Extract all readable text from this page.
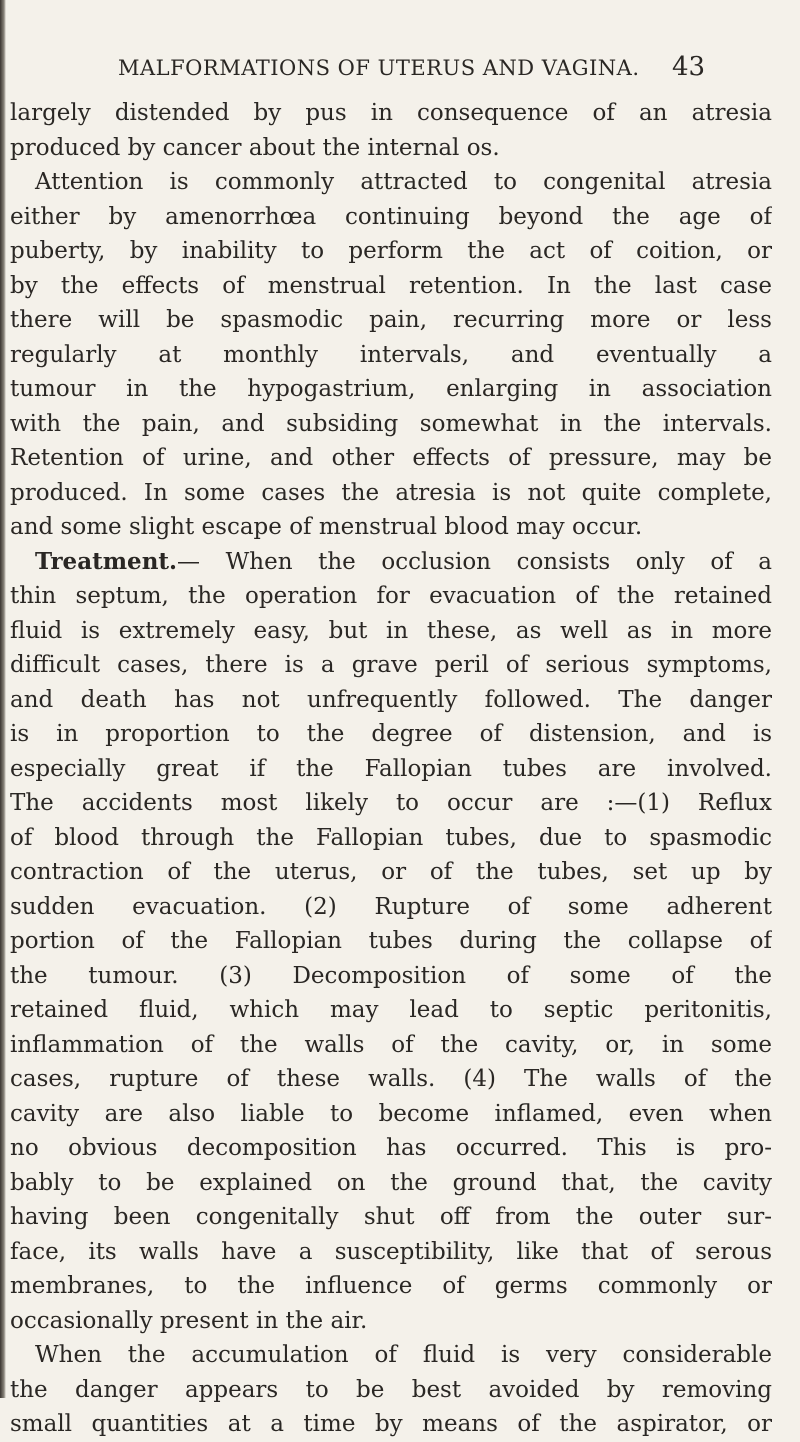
MALFORMATIONS OF UTERUS AND VAGINA. 43
largely distended by pus in consequence of an atresia
produced by cancer about the internal os.
Attention is commonly attracted to congenital atresia
either by amenorrhœa continuing beyond the age of
puberty, by inability to perform the act of coition, or
by the effects of menstrual retention. In the last case
there will be spasmodic pain, recurring more or less
regularly at monthly intervals, and eventually a
tumour in the hypogastrium, enlarging in association
with the pain, and subsiding somewhat in the intervals.
Retention of urine, and other effects of pressure, may be
produced. In some cases the atresia is not quite complete,
and some slight escape of menstrual blood may occur.
Treatment.— When the occlusion consists only of a
thin septum, the operation for evacuation of the retained
fluid is extremely easy, but in these, as well as in more
difficult cases, there is a grave peril of serious symptoms,
and death has not unfrequently followed. The danger
is in proportion to the degree of distension, and is
especially great if the Fallopian tubes are involved.
The accidents most likely to occur are :—(1) Reflux
of blood through the Fallopian tubes, due to spasmodic
contraction of the uterus, or of the tubes, set up by
sudden evacuation. (2) Rupture of some adherent
portion of the Fallopian tubes during the collapse of
the tumour. (3) Decomposition of some of the
retained fluid, which may lead to septic peritonitis,
inflammation of the walls of the cavity, or, in some
cases, rupture of these walls. (4) The walls of the
cavity are also liable to become inflamed, even when
no obvious decomposition has occurred. This is pro-
bably to be explained on the ground that, the cavity
having been congenitally shut off from the outer sur-
face, its walls have a susceptibility, like that of serous
membranes, to the influence of germs commonly or
occasionally present in the air.
When the accumulation of fluid is very considerable
the danger appears to be best avoided by removing
small quantities at a time by means of the aspirator, or
